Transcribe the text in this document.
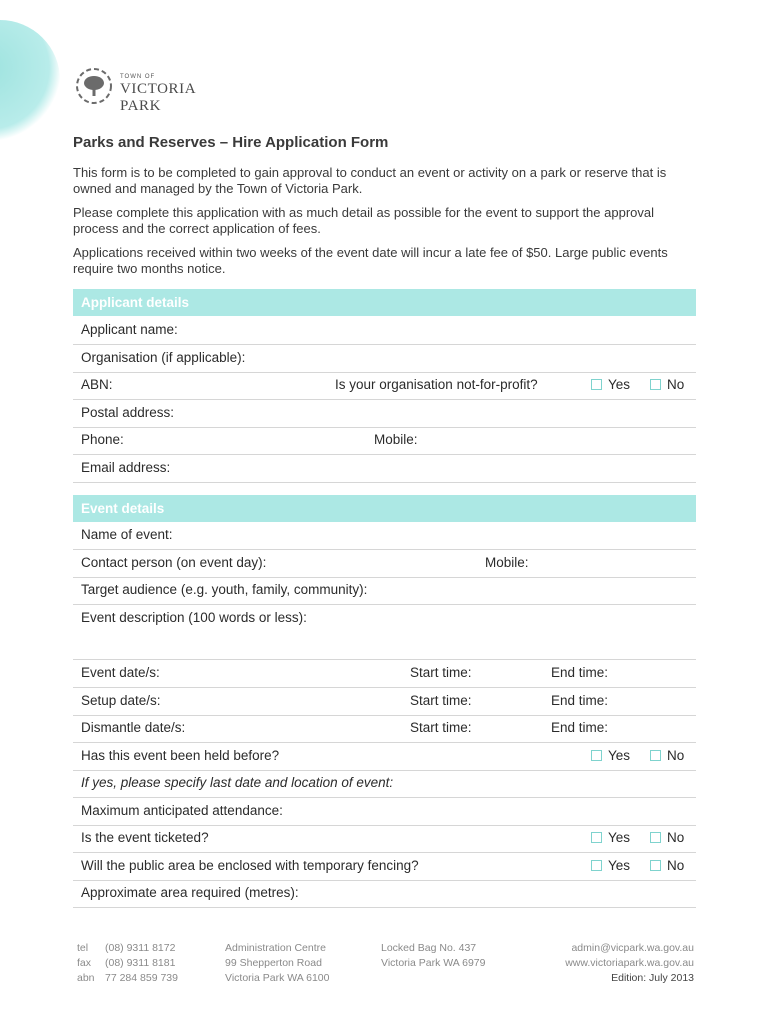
TOWN OF
VICTORIA PARK
Parks and Reserves – Hire Application Form

This form is to be completed to gain approval to conduct an event or activity on a park or reserve that is owned and managed by the Town of Victoria Park.

Please complete this application with as much detail as possible for the event to support the approval process and the correct application of fees.

Applications received within two weeks of the event date will incur a late fee of $50. Large public events require two months notice.

Applicant details
Applicant name:
Organisation (if applicable):
ABN:	Is your organisation not-for-profit?	Yes	No
Postal address:
Phone:	Mobile:
Email address:
Event details
Name of event:
Contact person (on event day):	Mobile:
Target audience (e.g. youth, family, community):
Event description (100 words or less):
Event date/s:	Start time:	End time:
Setup date/s:	Start time:	End time:
Dismantle date/s:	Start time:	End time:
Has this event been held before?	Yes	No
If yes, please specify last date and location of event:
Maximum anticipated attendance:
Is the event ticketed?	Yes	No
Will the public area be enclosed with temporary fencing?	Yes	No
Approximate area required (metres):
tel (08) 9311 8172
fax (08) 9311 8181
abn 77 284 859 739
Administration Centre
99 Shepperton Road
Victoria Park WA 6100
Locked Bag No. 437
Victoria Park WA 6979
admin@vicpark.wa.gov.au
www.victoriapark.wa.gov.au
Edition: July 2013
